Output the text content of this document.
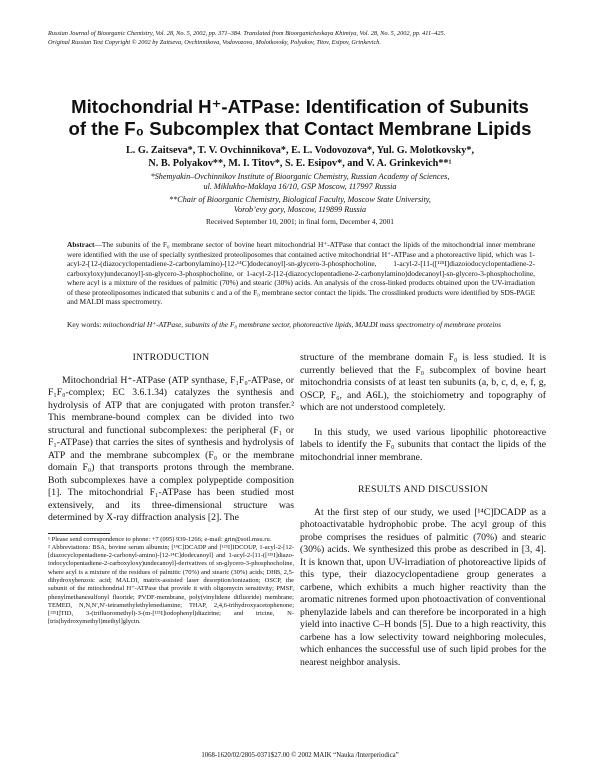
Russian Journal of Bioorganic Chemistry, Vol. 28, No. 5, 2002, pp. 371–384. Translated from Bioorganicheskaya Khimiya, Vol. 28, No. 5, 2002, pp. 411–425.
Original Russian Text Copyright © 2002 by Zaitseva, Ovchinnikova, Vodovozova, Molotkovsky, Polyakov, Titov, Esipov, Grinkevich.
Mitochondrial H⁺-ATPase: Identification of Subunits
of the F₀ Subcomplex that Contact Membrane Lipids
L. G. Zaitseva*, T. V. Ovchinnikova*, E. L. Vodovozova*, Yul. G. Molotkovsky*,
N. B. Polyakov**, M. I. Titov*, S. E. Esipov*, and V. A. Grinkevich**¹
*Shemyakin–Ovchinnikov Institute of Bioorganic Chemistry, Russian Academy of Sciences,
ul. Miklukho-Maklaya 16/10, GSP Moscow, 117997 Russia
**Chair of Bioorganic Chemistry, Biological Faculty, Moscow State University,
Vorob’evy gory, Moscow, 119899 Russia
Received September 10, 2001; in final form, December 4, 2001
Abstract—The subunits of the F₀ membrane sector of bovine heart mitochondrial H⁺-ATPase that contact the lipids of the mitochondrial inner membrane were identified with the use of specially synthesized proteoliposomes that contained active mitochondrial H⁺-ATPase and a photoreactive lipid, which was 1-acyl-2-[12-(diazocyclopentadiene-2-carbonylamino)-[12-¹⁴C]dodecanoyl]-sn-glycero-3-phosphocholine, 1-acyl-2-[11-([¹²⁵I]diazoiodocyclopentadiene-2-carboxyloxy)undecanoyl]-sn-glycero-3-phosphocholine, or 1-acyl-2-[12-(diazocyclopentadiene-2-carbonylamino)dodecanoyl]-sn-glycero-3-phosphocholine, where acyl is a mixture of the residues of palmitic (70%) and stearic (30%) acids. An analysis of the cross-linked products obtained upon the UV-irradiation of these proteoliposomes indicated that subunits c and a of the F₀ membrane sector contact the lipids. The crosslinked products were identified by SDS-PAGE and MALDI mass spectrometry.
Key words: mitochondrial H⁺-ATPase, subunits of the F₀ membrane sector, photoreactive lipids, MALDI mass spectrometry of membrane proteins
INTRODUCTION

Mitochondrial H⁺-ATPase (ATP synthase, F₁F₀-ATPase, or F₁F₀-complex; EC 3.6.1.34) catalyzes the synthesis and hydrolysis of ATP that are conjugated with proton transfer.² This membrane-bound complex can be divided into two structural and functional subcomplexes: the peripheral (F₁ or F₁-ATPase) that carries the sites of synthesis and hydrolysis of ATP and the membrane subcomplex (F₀ or the membrane domain F₀) that transports protons through the membrane. Both subcomplexes have a complex polypeptide composition [1]. The mitochondrial F₁-ATPase has been studied most extensively, and its three-dimensional structure was determined by X-ray diffraction analysis [2]. The

¹ Please send correspondence to phone: +7 (095) 939-1266; e-mail: grin@soil.msu.ru.

² Abbreviations: BSA, bovine serum albumin; [¹⁴C]DCADP and [¹²⁵I]IDCOUP, 1-acyl-2-[12-[diazocyclopentadiene-2-carbonyl-amino)-[12-¹⁴C]dodecanoyl] and 1-acyl-2-[11-([¹²⁵I]diazo-iodocyclopentadiene-2-carboxyloxy)undecanoyl]-derivatives of sn-glycero-3-phosphocholine, where acyl is a mixture of the residues of palmitic (70%) and stearic (30%) acids; DHB, 2,5-dihydroxybenzoic acid; MALDI, matrix-assisted laser desorption/ionization; OSCP, the subunit of the mitochondrial H⁺-ATPase that provide it with oligomycin sensitivity; PMSF, phenylmethanesulfonyl fluoride; PVDF-membrane, poly(vinylidene difluoride) membrane; TEMED, N,N,N′,N′-tetramethylethylenediamine; THAP, 2,4,6-trihydroxyacetophenone; [¹²⁵I]TID, 3-(trifluoromethyl)-3-(m-[¹²⁵I]iodophenyl)diazirine; and tricine, N-[tris(hydroxymethyl)methyl]glycin.

structure of the membrane domain F₀ is less studied. It is currently believed that the F₀ subcomplex of bovine heart mitochondria consists of at least ten subunits (a, b, c, d, e, f, g, OSCP, F₆, and A6L), the stoichiometry and topography of which are not understood completely.

In this study, we used various lipophilic photoreactive labels to identify the F₀ subunits that contact the lipids of the mitochondrial inner membrane.

RESULTS AND DISCUSSION

At the first step of our study, we used [¹⁴C]DCADP as a photoactivatable hydrophobic probe. The acyl group of this probe comprises the residues of palmitic (70%) and stearic (30%) acids. We synthesized this probe as described in [3, 4]. It is known that, upon UV-irradiation of photoreactive lipids of this type, their diazocyclopentadiene group generates a carbene, which exhibits a much higher reactivity than the aromatic nitrenes formed upon photoactivation of conventional phenylazide labels and can therefore be incorporated in a high yield into inactive C–H bonds [5]. Due to a high reactivity, this carbene has a low selectivity toward neighboring molecules, which enhances the successful use of such lipid probes for the nearest neighbor analysis.

1068-1620/02/2805-0371$27.00 © 2002 MAIK “Nauka /Interperiodica”
